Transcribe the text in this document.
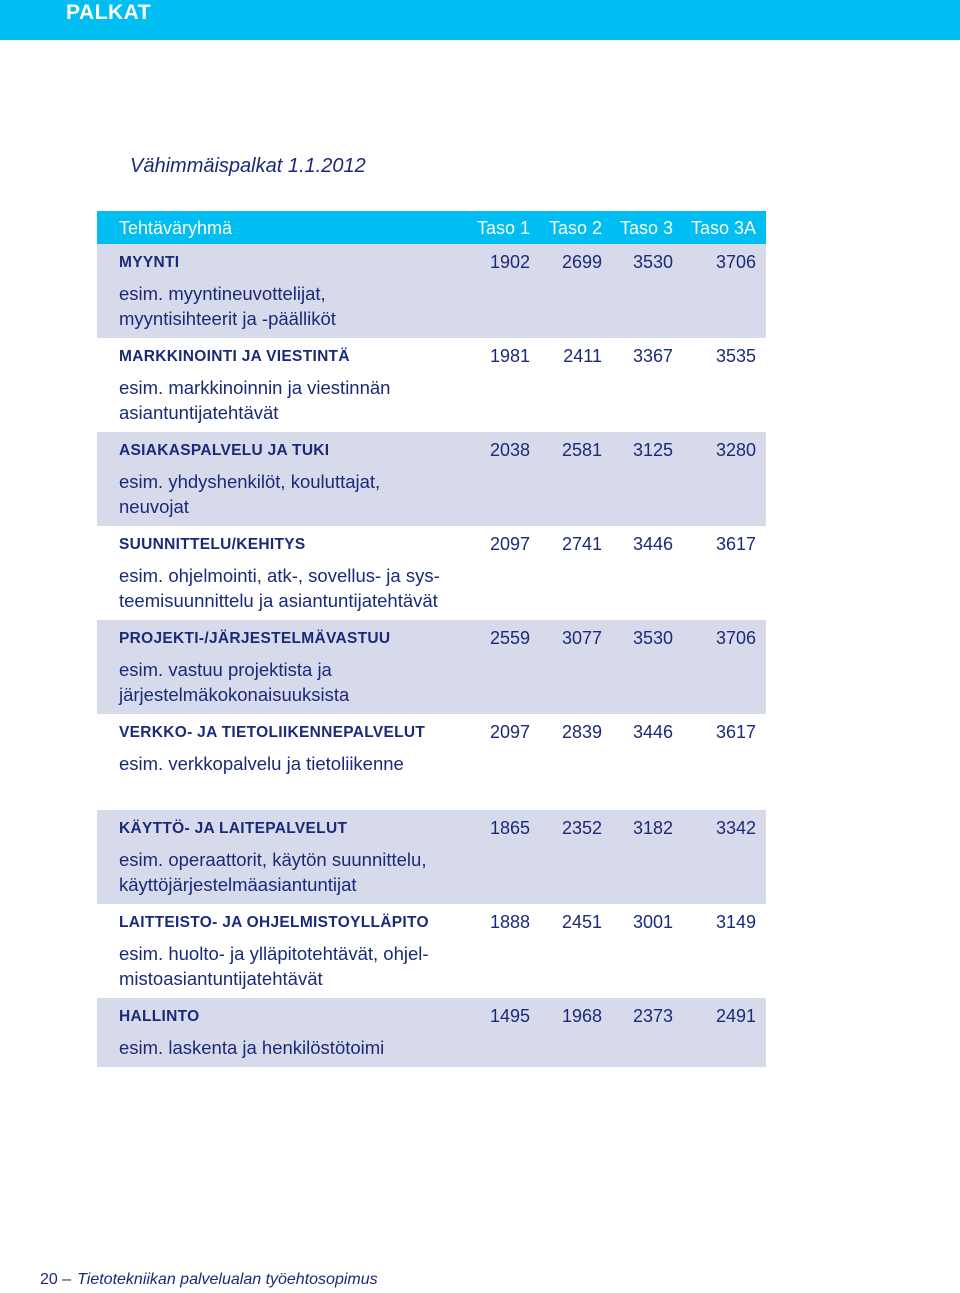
PALKAT
Vähimmäispalkat 1.1.2012
Tehtäväryhmä	Taso 1	Taso 2 Taso 3 Taso 3A
MYYNTI	1902	2699	3530	3706
esim. myyntineuvottelijat,
myyntisihteerit ja -päälliköt
MARKKINOINTI JA VIESTINTÄ	1981	2411	3367	3535
esim. markkinoinnin ja viestinnän
asiantuntijatehtävät
ASIAKASPALVELU JA TUKI	2038	2581	3125	3280
esim. yhdyshenkilöt, kouluttajat,
neuvojat
SUUNNITTELU/KEHITYS	2097	2741	3446	3617
esim. ohjelmointi, atk-, sovellus- ja sys-
teemisuunnittelu ja asiantuntijatehtävät
PROJEKTI-/JÄRJESTELMÄVASTUU	2559	3077	3530	3706
esim. vastuu projektista ja
järjestelmäkokonaisuuksista
VERKKO- JA TIETOLIIKENNEPALVELUT	2097	2839	3446	3617
esim. verkkopalvelu ja tietoliikenne
KÄYTTÖ- JA LAITEPALVELUT	1865	2352	3182	3342
esim. operaattorit, käytön suunnittelu,
käyttöjärjestelmäasiantuntijat
LAITTEISTO- JA OHJELMISTOYLLÄPITO	1888	2451	3001	3149
esim. huolto- ja ylläpitotehtävät, ohjel-
mistoasiantuntijatehtävät
HALLINTO	1495	1968	2373	2491
esim. laskenta ja henkilöstötoimi
20 – Tietotekniikan palvelualan työehtosopimus
